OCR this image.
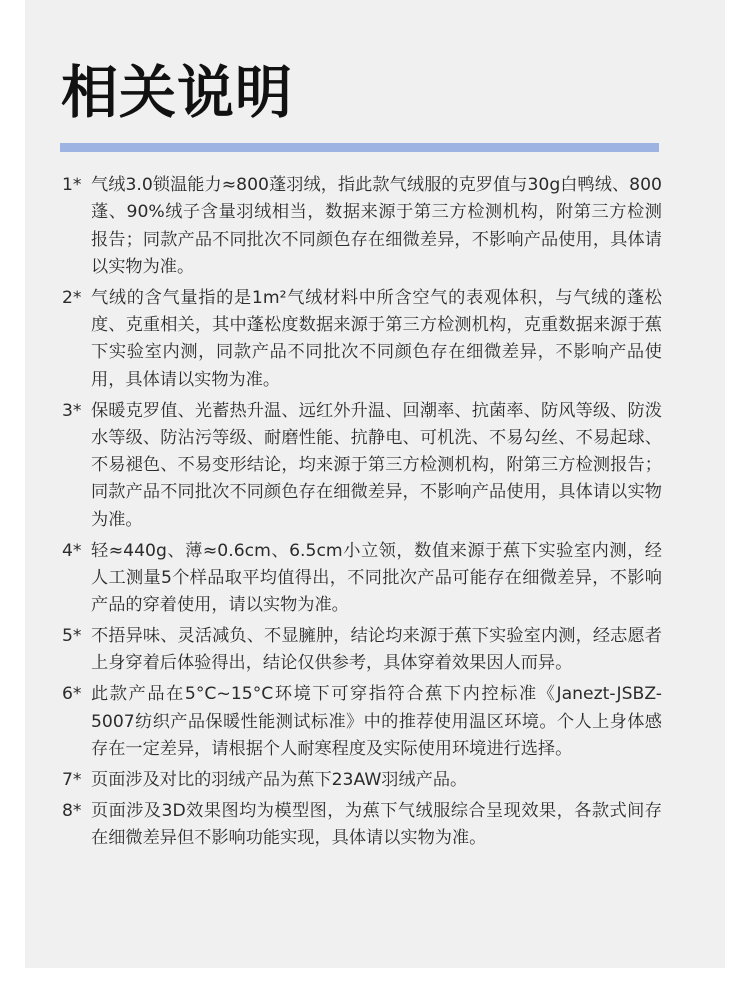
相关说明
1* 气绒3.0锁温能力≈800蓬羽绒，指此款气绒服的克罗值与30g白鸭绒、800蓬、90%绒子含量羽绒相当，数据来源于第三方检测机构，附第三方检测报告；同款产品不同批次不同颜色存在细微差异，不影响产品使用，具体请以实物为准。
2* 气绒的含气量指的是1m²气绒材料中所含空气的表观体积，与气绒的蓬松度、克重相关，其中蓬松度数据来源于第三方检测机构，克重数据来源于蕉下实验室内测，同款产品不同批次不同颜色存在细微差异，不影响产品使用，具体请以实物为准。
3* 保暖克罗值、光蓄热升温、远红外升温、回潮率、抗菌率、防风等级、防泼水等级、防沾污等级、耐磨性能、抗静电、可机洗、不易勾丝、不易起球、不易褪色、不易变形结论，均来源于第三方检测机构，附第三方检测报告；同款产品不同批次不同颜色存在细微差异，不影响产品使用，具体请以实物为准。
4* 轻≈440g、薄≈0.6cm、6.5cm小立领，数值来源于蕉下实验室内测，经人工测量5个样品取平均值得出，不同批次产品可能存在细微差异，不影响产品的穿着使用，请以实物为准。
5* 不捂异味、灵活减负、不显臃肿，结论均来源于蕉下实验室内测，经志愿者上身穿着后体验得出，结论仅供参考，具体穿着效果因人而异。
6* 此款产品在5°C~15°C环境下可穿指符合蕉下内控标准《Janezt-JSBZ-5007纺织产品保暖性能测试标准》中的推荐使用温区环境。个人上身体感存在一定差异，请根据个人耐寒程度及实际使用环境进行选择。
7* 页面涉及对比的羽绒产品为蕉下23AW羽绒产品。
8* 页面涉及3D效果图均为模型图，为蕉下气绒服综合呈现效果，各款式间存在细微差异但不影响功能实现，具体请以实物为准。
